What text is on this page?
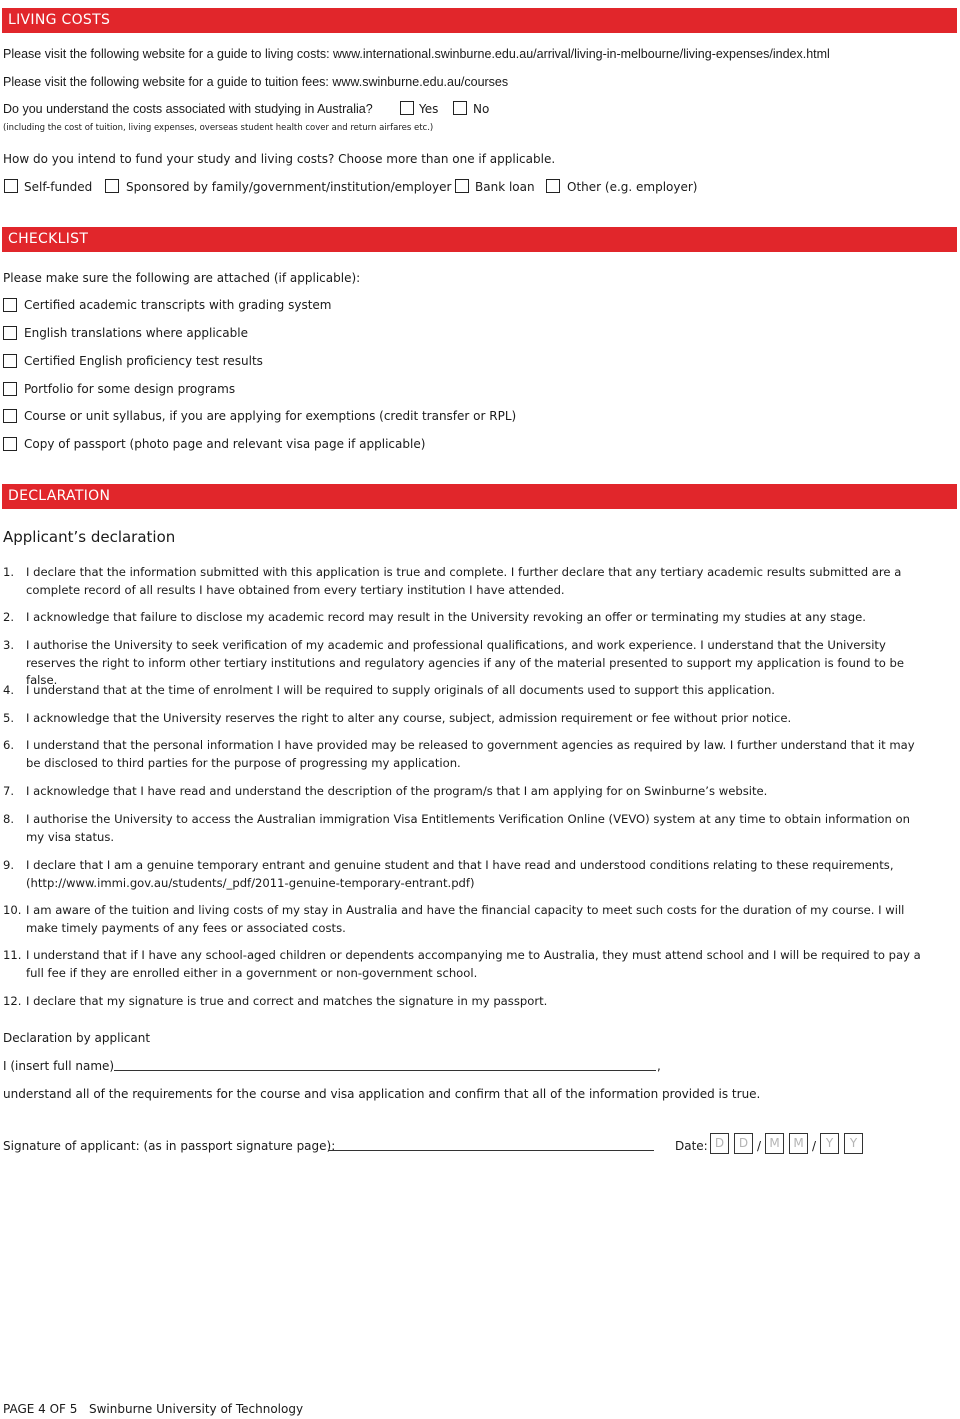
LIVING COSTS
Please visit the following website for a guide to living costs: www.international.swinburne.edu.au/arrival/living-in-melbourne/living-expenses/index.html
Please visit the following website for a guide to tuition fees: www.swinburne.edu.au/courses
Do you understand the costs associated with studying in Australia?	Yes	No
(including the cost of tuition, living expenses, overseas student health cover and return airfares etc.)
How do you intend to fund your study and living costs? Choose more than one if applicable.
Self-funded	Sponsored by family/government/institution/employer Bank loan	Other (e.g. employer)
CHECKLIST
Please make sure the following are attached (if applicable):
Certified academic transcripts with grading system
English translations where applicable
Certified English proficiency test results
Portfolio for some design programs
Course or unit syllabus, if you are applying for exemptions (credit transfer or RPL)
Copy of passport (photo page and relevant visa page if applicable)
DECLARATION
Applicant’s declaration
1. I declare that the information submitted with this application is true and complete. I further declare that any tertiary academic results submitted are a complete record of all results I have obtained from every tertiary institution I have attended.
2. I acknowledge that failure to disclose my academic record may result in the University revoking an offer or terminating my studies at any stage.
3. I authorise the University to seek verification of my academic and professional qualifications, and work experience. I understand that the University reserves the right to inform other tertiary institutions and regulatory agencies if any of the material presented to support my application is found to be false.
4. I understand that at the time of enrolment I will be required to supply originals of all documents used to support this application.
5. I acknowledge that the University reserves the right to alter any course, subject, admission requirement or fee without prior notice.
6. I understand that the personal information I have provided may be released to government agencies as required by law. I further understand that it may be disclosed to third parties for the purpose of progressing my application.
7. I acknowledge that I have read and understand the description of the program/s that I am applying for on Swinburne’s website.
8. I authorise the University to access the Australian immigration Visa Entitlements Verification Online (VEVO) system at any time to obtain information on my visa status.
9. I declare that I am a genuine temporary entrant and genuine student and that I have read and understood conditions relating to these requirements, (http://www.immi.gov.au/students/_pdf/2011-genuine-temporary-entrant.pdf)
10. I am aware of the tuition and living costs of my stay in Australia and have the financial capacity to meet such costs for the duration of my course. I will make timely payments of any fees or associated costs.
11. I understand that if I have any school-aged children or dependents accompanying me to Australia, they must attend school and I will be required to pay a full fee if they are enrolled either in a government or non-government school.
12. I declare that my signature is true and correct and matches the signature in my passport.
Declaration by applicant
I (insert full name)	,
understand all of the requirements for the course and visa application and confirm that all of the information provided is true.
Signature of applicant: (as in passport signature page):	Date: D	D / M	M / Y	Y
PAGE 4 OF 5 Swinburne University of Technology
